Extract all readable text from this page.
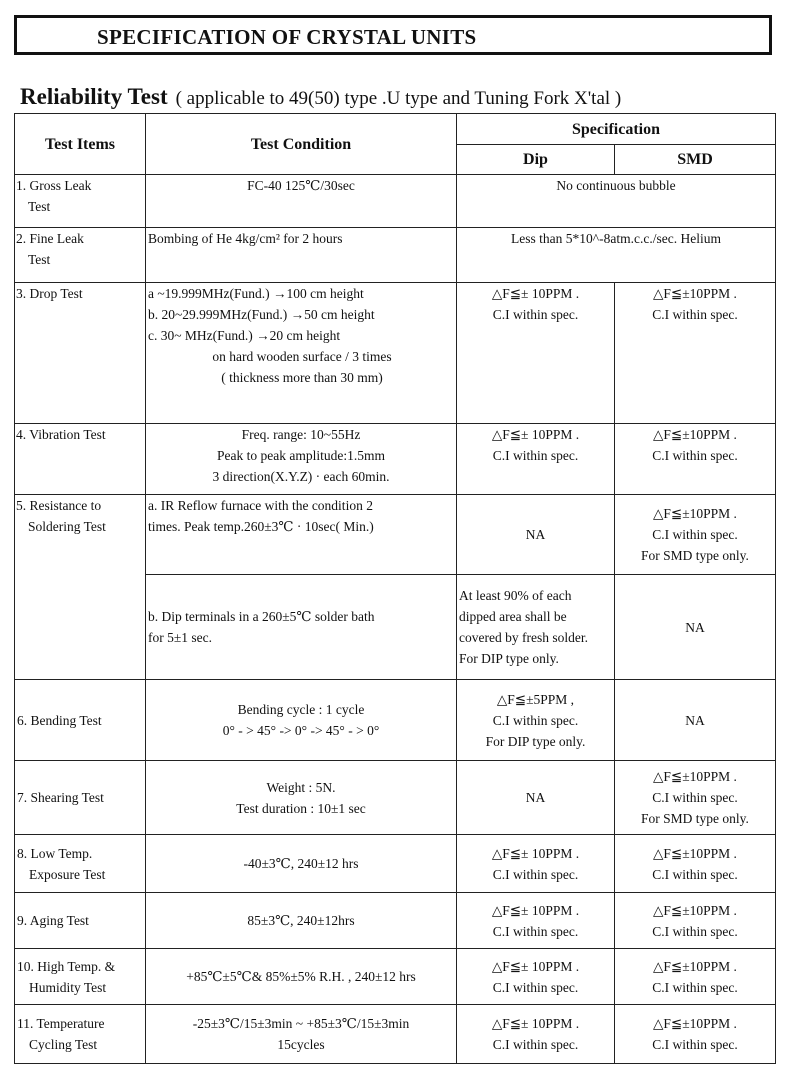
SPECIFICATION OF CRYSTAL UNITS
Reliability Test ( applicable to 49(50) type .U type and Tuning Fork X'tal )
Test Items	Test Condition	Specification	
		Dip	SMD

1. Gross Leak
Test	FC-40 125℃/30sec	No continuous bubble	

2. Fine Leak
Test	Bombing of He 4kg/cm² for 2 hours	Less than 5*10^-8atm.c.c./sec. Helium	

3. Drop Test	a ~19.999MHz(Fund.) →100 cm height
b. 20~29.999MHz(Fund.) →50 cm height
c. 30~ MHz(Fund.) →20 cm height
on hard wooden surface / 3 times
( thickness more than 30 mm)	△F≦± 10PPM .
C.I within spec.	△F≦±10PPM .
C.I within spec.

4. Vibration Test	Freq. range: 10~55Hz
Peak to peak amplitude:1.5mm
3 direction(X.Y.Z) · each 60min.	△F≦± 10PPM .
C.I within spec.	△F≦±10PPM .
C.I within spec.

5. Resistance to
Soldering Test	a. IR Reflow furnace with the condition 2
times. Peak temp.260±3℃ · 10sec( Min.)	NA	△F≦±10PPM .
C.I within spec.
For SMD type only.

	b. Dip terminals in a 260±5℃ solder bath
for 5±1 sec.	At least 90% of each
dipped area shall be
covered by fresh solder.
For DIP type only.	NA

6. Bending Test	Bending cycle : 1 cycle
0° - > 45° -> 0° -> 45° - > 0°	△F≦±5PPM ,
C.I within spec.
For DIP type only.	NA

7. Shearing Test	Weight : 5N.
Test duration : 10±1 sec	NA	△F≦±10PPM .
C.I within spec.
For SMD type only.

8. Low Temp.
Exposure Test	-40±3℃, 240±12 hrs	△F≦± 10PPM .
C.I within spec.	△F≦±10PPM .
C.I within spec.

9. Aging Test	85±3℃, 240±12hrs	△F≦± 10PPM .
C.I within spec.	△F≦±10PPM .
C.I within spec.

10. High Temp. &
Humidity Test	+85℃±5℃& 85%±5% R.H. , 240±12 hrs	△F≦± 10PPM .
C.I within spec.	△F≦±10PPM .
C.I within spec.

11. Temperature
Cycling Test	-25±3℃/15±3min ~ +85±3℃/15±3min
15cycles	△F≦± 10PPM .
C.I within spec.	△F≦±10PPM .
C.I within spec.
